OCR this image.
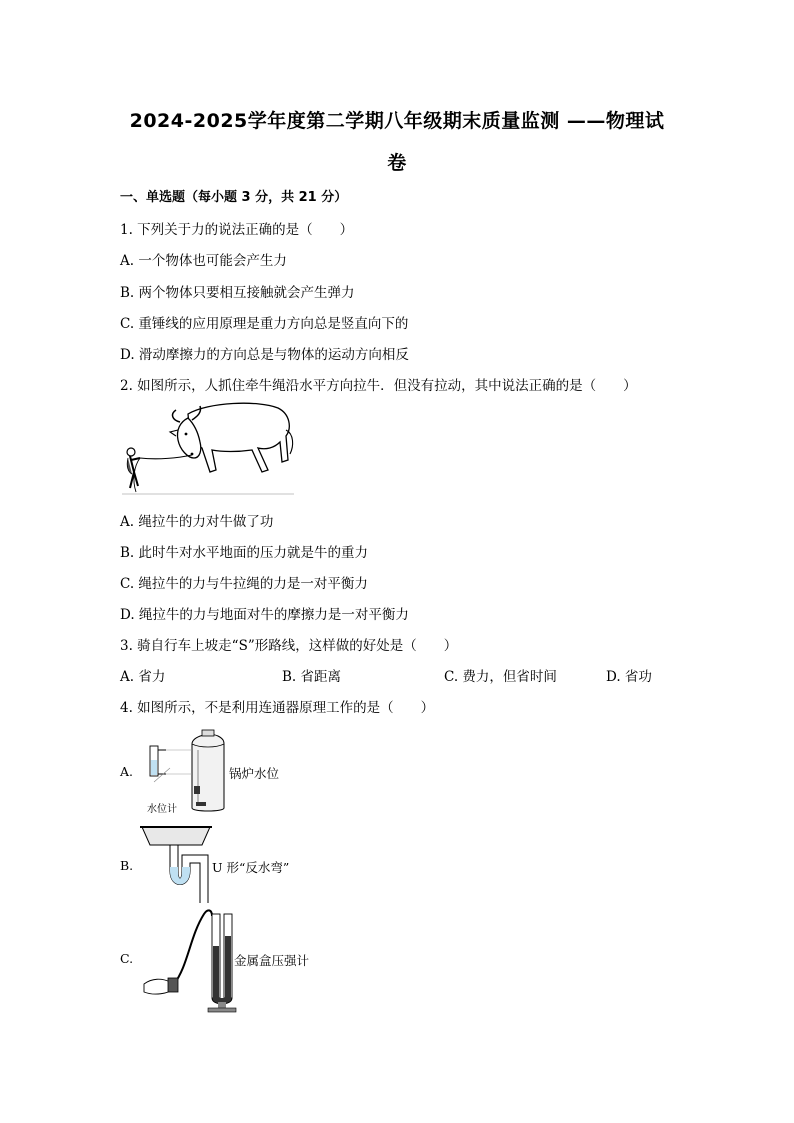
2024-2025学年度第二学期八年级期末质量监测 ——物理试
卷
一、单选题（每小题 3 分，共 21 分）
1. 下列关于力的说法正确的是（　　）
A. 一个物体也可能会产生力
B. 两个物体只要相互接触就会产生弹力
C. 重锤线的应用原理是重力方向总是竖直向下的
D. 滑动摩擦力的方向总是与物体的运动方向相反
2. 如图所示，人抓住牵牛绳沿水平方向拉牛．但没有拉动，其中说法正确的是（　　）
A. 绳拉牛的力对牛做了功
B. 此时牛对水平地面的压力就是牛的重力
C. 绳拉牛的力与牛拉绳的力是一对平衡力
D. 绳拉牛的力与地面对牛的摩擦力是一对平衡力
3. 骑自行车上坡走“S”形路线，这样做的好处是（　　）
A. 省力	B. 省距离	C. 费力，但省时间	D. 省功
4. 如图所示，不是利用连通器原理工作的是（　　）
A.
水位计
锅炉水位
B.	U 形“反水弯”
C.	金属盒压强计
